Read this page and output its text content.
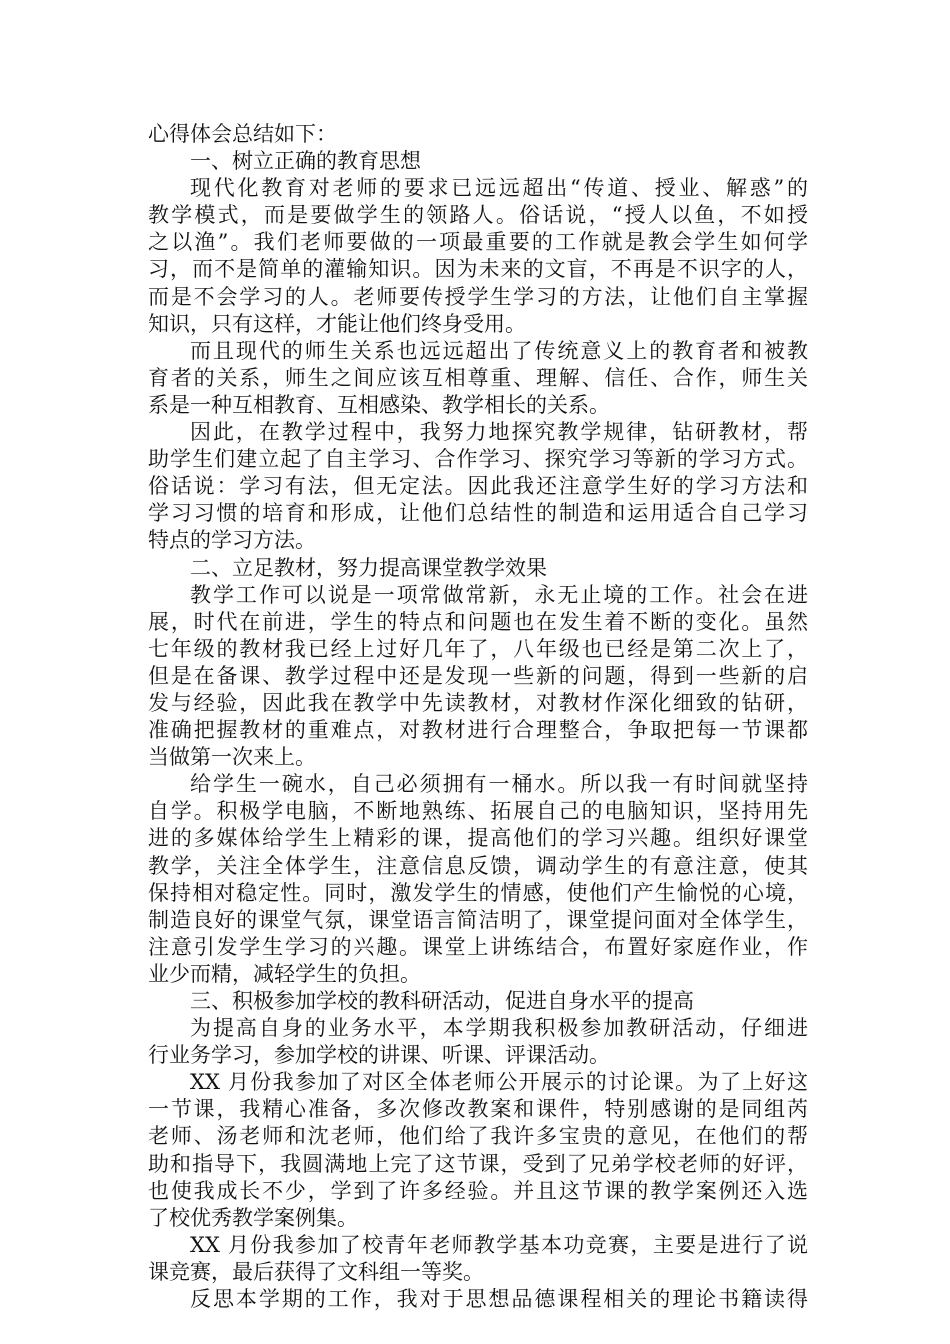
心得体会总结如下：
一、树立正确的教育思想
现代化教育对老师的要求已远远超出“传道、授业、解惑”的
教学模式，而是要做学生的领路人。俗话说，“授人以鱼，不如授
之以渔”。我们老师要做的一项最重要的工作就是教会学生如何学
习，而不是简单的灌输知识。因为未来的文盲，不再是不识字的人，
而是不会学习的人。老师要传授学生学习的方法，让他们自主掌握
知识，只有这样，才能让他们终身受用。
而且现代的师生关系也远远超出了传统意义上的教育者和被教
育者的关系，师生之间应该互相尊重、理解、信任、合作，师生关
系是一种互相教育、互相感染、教学相长的关系。
因此，在教学过程中，我努力地探究教学规律，钻研教材，帮
助学生们建立起了自主学习、合作学习、探究学习等新的学习方式。
俗话说：学习有法，但无定法。因此我还注意学生好的学习方法和
学习习惯的培育和形成，让他们总结性的制造和运用适合自己学习
特点的学习方法。
二、立足教材，努力提高课堂教学效果
教学工作可以说是一项常做常新，永无止境的工作。社会在进
展，时代在前进，学生的特点和问题也在发生着不断的变化。虽然
七年级的教材我已经上过好几年了，八年级也已经是第二次上了，
但是在备课、教学过程中还是发现一些新的问题，得到一些新的启
发与经验，因此我在教学中先读教材，对教材作深化细致的钻研，
准确把握教材的重难点，对教材进行合理整合，争取把每一节课都
当做第一次来上。
给学生一碗水，自己必须拥有一桶水。所以我一有时间就坚持
自学。积极学电脑，不断地熟练、拓展自己的电脑知识，坚持用先
进的多媒体给学生上精彩的课，提高他们的学习兴趣。组织好课堂
教学，关注全体学生，注意信息反馈，调动学生的有意注意，使其
保持相对稳定性。同时，激发学生的情感，使他们产生愉悦的心境，
制造良好的课堂气氛，课堂语言简洁明了，课堂提问面对全体学生，
注意引发学生学习的兴趣。课堂上讲练结合，布置好家庭作业，作
业少而精，减轻学生的负担。
三、积极参加学校的教科研活动，促进自身水平的提高
为提高自身的业务水平，本学期我积极参加教研活动，仔细进
行业务学习，参加学校的讲课、听课、评课活动。
XX 月份我参加了对区全体老师公开展示的讨论课。为了上好这
一节课，我精心准备，多次修改教案和课件，特别感谢的是同组芮
老师、汤老师和沈老师，他们给了我许多宝贵的意见，在他们的帮
助和指导下，我圆满地上完了这节课，受到了兄弟学校老师的好评，
也使我成长不少，学到了许多经验。并且这节课的教学案例还入选
了校优秀教学案例集。
XX 月份我参加了校青年老师教学基本功竞赛，主要是进行了说
课竞赛，最后获得了文科组一等奖。
反思本学期的工作，我对于思想品德课程相关的理论书籍读得
